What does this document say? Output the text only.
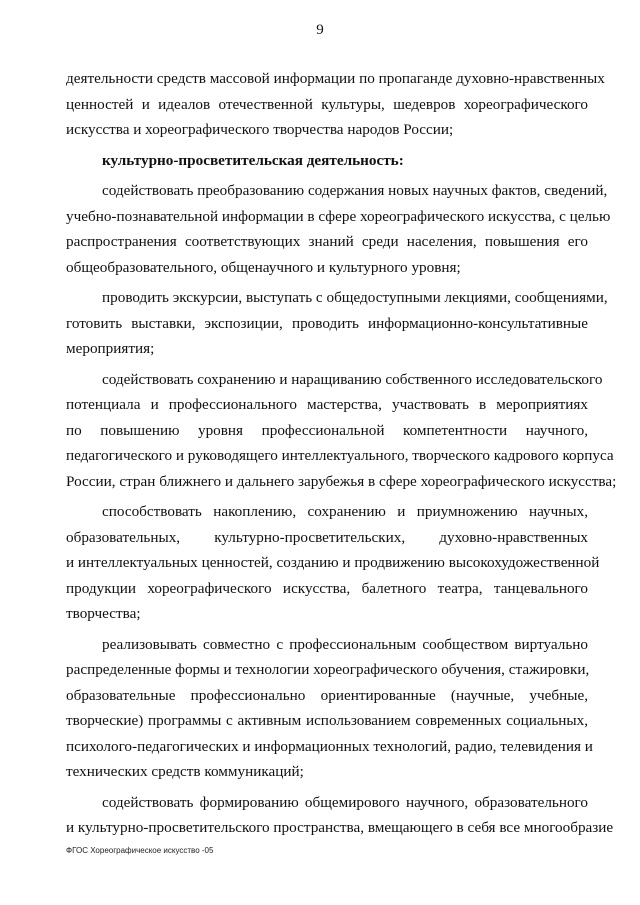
9
деятельности средств массовой информации по пропаганде духовно-нравственных
ценностей и идеалов отечественной культуры, шедевров хореографического
искусства и хореографического творчества народов России;
культурно-просветительская деятельность:
содействовать преобразованию содержания новых научных фактов, сведений,
учебно-познавательной информации в сфере хореографического искусства, с целью
распространения соответствующих знаний среди населения, повышения его
общеобразовательного, общенаучного и культурного уровня;
проводить экскурсии, выступать с общедоступными лекциями, сообщениями,
готовить выставки, экспозиции, проводить информационно-консультативные
мероприятия;
содействовать сохранению и наращиванию собственного исследовательского
потенциала и профессионального мастерства, участвовать в мероприятиях
по повышению уровня профессиональной компетентности научного,
педагогического и руководящего интеллектуального, творческого кадрового корпуса
России, стран ближнего и дальнего зарубежья в сфере хореографического искусства;
способствовать накоплению, сохранению и приумножению научных,
образовательных, культурно-просветительских, духовно-нравственных
и интеллектуальных ценностей, созданию и продвижению высокохудожественной
продукции хореографического искусства, балетного театра, танцевального
творчества;
реализовывать совместно с профессиональным сообществом виртуально
распределенные формы и технологии хореографического обучения, стажировки,
образовательные профессионально ориентированные (научные, учебные,
творческие) программы с активным использованием современных социальных,
психолого-педагогических и информационных технологий, радио, телевидения и
технических средств коммуникаций;
содействовать формированию общемирового научного, образовательного
и культурно-просветительского пространства, вмещающего в себя все многообразие
ФГОС Хореографическое искусство -05
